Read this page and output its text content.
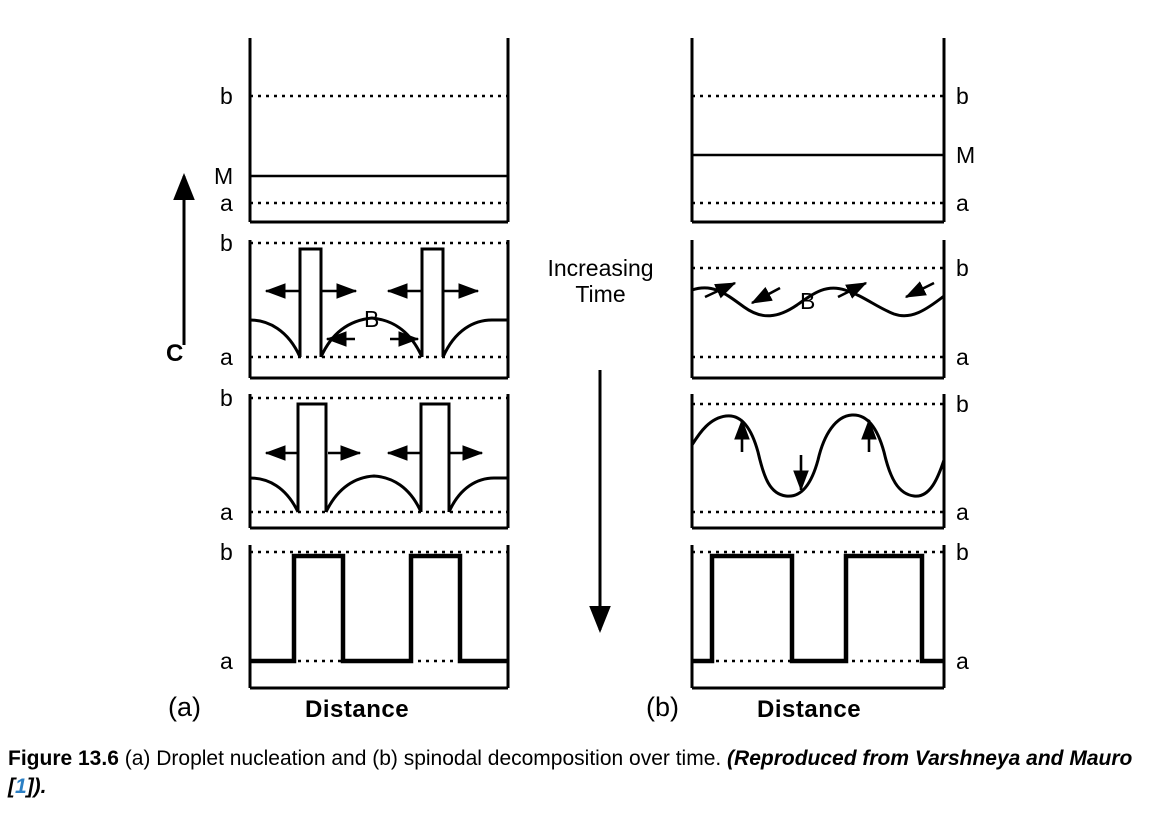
C
Increasing
Time
b
M
a
b
a
B
b
a
b
a
b
M
a
b
a
B
b
a
b
a
(a)	(b)
Distance	Distance
Figure 13.6 (a) Droplet nucleation and (b) spinodal decomposition over time. (Reproduced from Varshneya and Mauro [1]).
